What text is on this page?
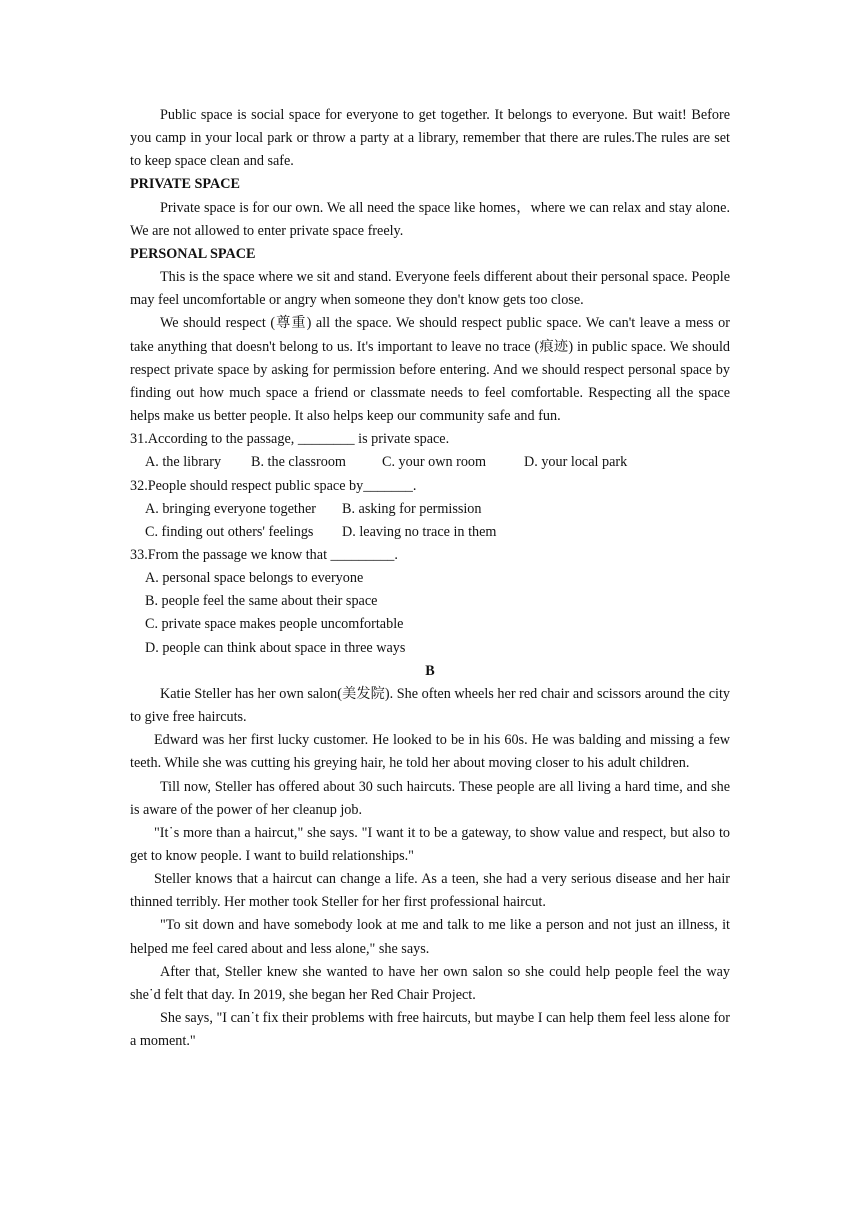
Public space is social space for everyone to get together. It belongs to everyone. But wait! Before you camp in your local park or throw a party at a library, remember that there are rules.The rules are set to keep space clean and safe.

PRIVATE SPACE

Private space is for our own. We all need the space like homes，where we can relax and stay alone. We are not allowed to enter private space freely.

PERSONAL SPACE

This is the space where we sit and stand. Everyone feels different about their personal space. People may feel uncomfortable or angry when someone they don't know gets too close.

We should respect (尊重) all the space. We should respect public space. We can't leave a mess or take anything that doesn't belong to us. It's important to leave no trace (痕迹) in public space. We should respect private space by asking for permission before entering. And we should respect personal space by finding out how much space a friend or classmate needs to feel comfortable. Respecting all the space helps make us better people. It also helps keep our community safe and fun.

31.According to the passage, ________ is private space.

A. the library B. the classroom	C. your own room	D. your local park

32.People should respect public space by_______.

A. bringing everyone together B. asking for permission

C. finding out others' feelings D. leaving no trace in them

33.From the passage we know that _________.

A. personal space belongs to everyone

B. people feel the same about their space

C. private space makes people uncomfortable

D. people can think about space in three ways

B

Katie Steller has her own salon(美发院). She often wheels her red chair and scissors around the city to give free haircuts.

Edward was her first lucky customer. He looked to be in his 60s. He was balding and missing a few teeth. While she was cutting his greying hair, he told her about moving closer to his adult children.

Till now, Steller has offered about 30 such haircuts. These people are all living a hard time, and she is aware of the power of her cleanup job.

"It˙s more than a haircut," she says. "I want it to be a gateway, to show value and respect, but also to get to know people. I want to build relationships."

Steller knows that a haircut can change a life. As a teen, she had a very serious disease and her hair thinned terribly. Her mother took Steller for her first professional haircut.

"To sit down and have somebody look at me and talk to me like a person and not just an illness, it helped me feel cared about and less alone," she says.

After that, Steller knew she wanted to have her own salon so she could help people feel the way she˙d felt that day. In 2019, she began her Red Chair Project.

She says, "I can˙t fix their problems with free haircuts, but maybe I can help them feel less alone for a moment."
